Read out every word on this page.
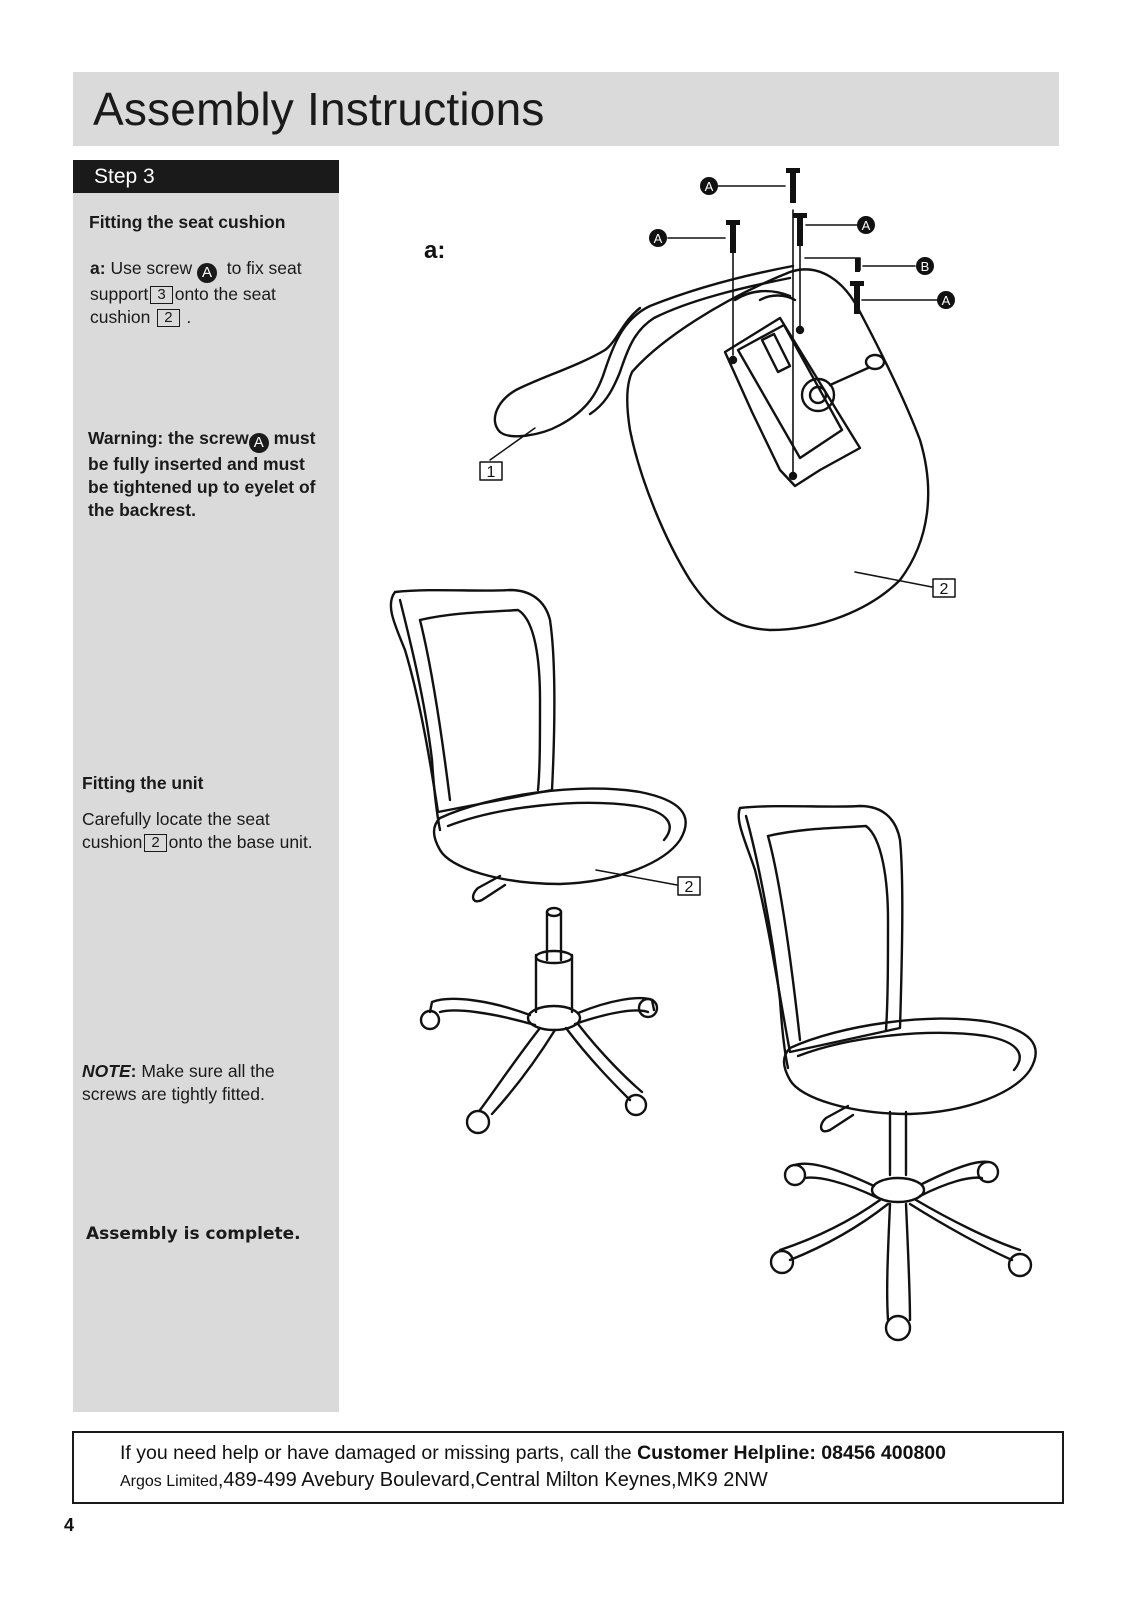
Assembly Instructions
Step 3
Fitting the seat cushion
a: Use screw A to fix seat
support 3 onto the seat
cushion 2 .
Warning: the screw A must
be fully inserted and must
be tightened up to eyelet of
the backrest.
Fitting the unit
Carefully locate the seat
cushion 2 onto the base unit.
NOTE: Make sure all the
screws are tightly fitted.
Assembly is complete.
a:
A
A
A
B
A
1
2
2
If you need help or have damaged or missing parts, call the Customer Helpline: 08456 400800
Argos Limited,489-499 Avebury Boulevard,Central Milton Keynes,MK9 2NW
4
